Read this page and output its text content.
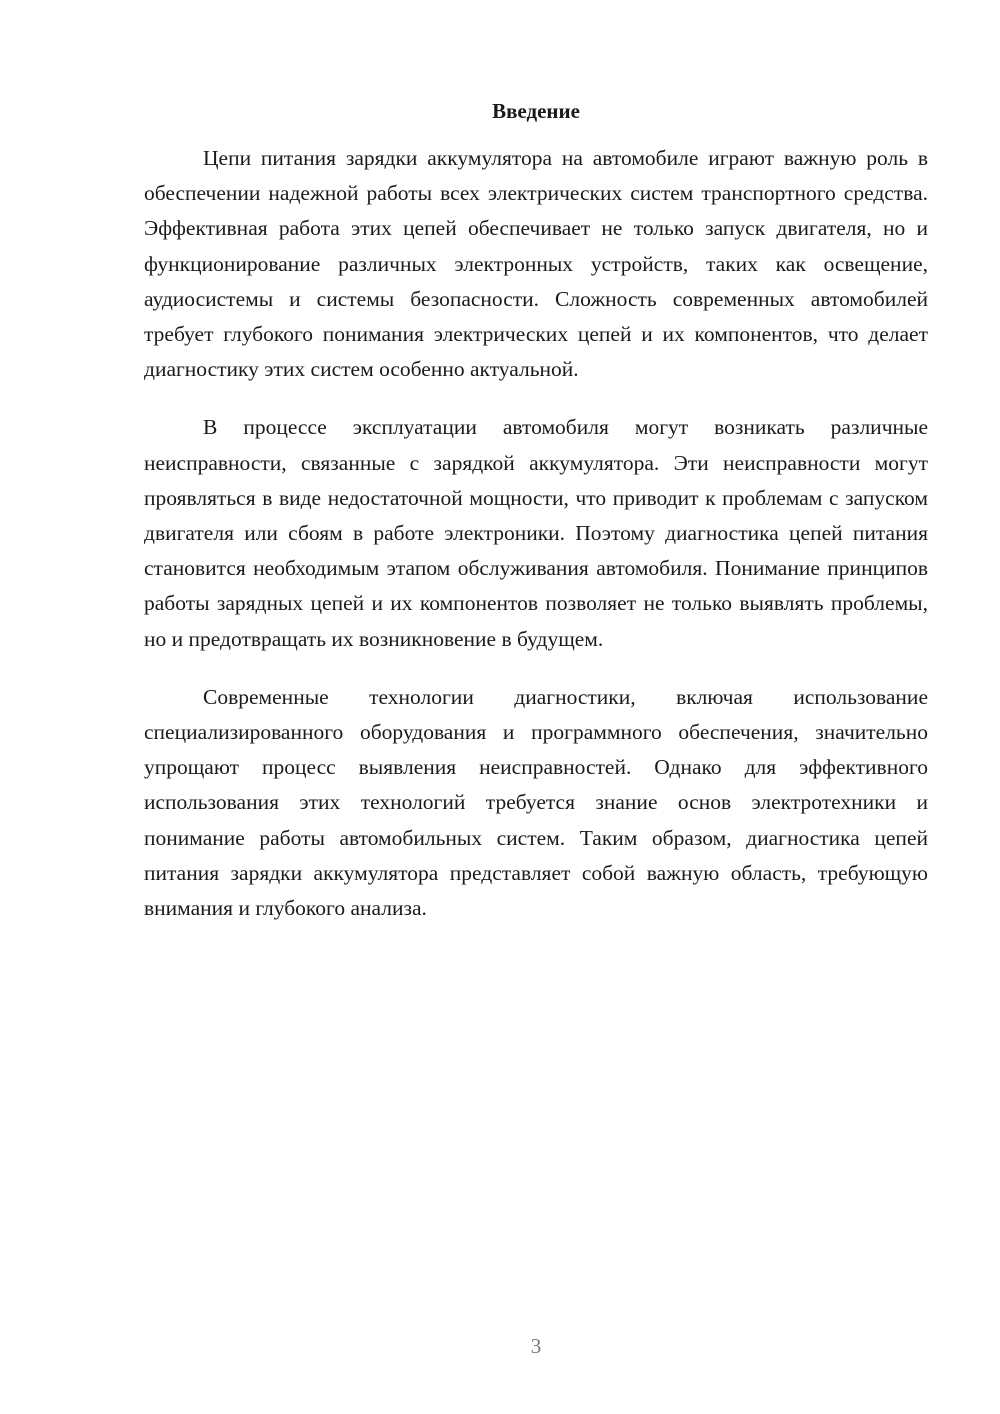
Введение

Цепи питания зарядки аккумулятора на автомобиле играют важную роль в обеспечении надежной работы всех электрических систем транспортного средства. Эффективная работа этих цепей обеспечивает не только запуск двигателя, но и функционирование различных электронных устройств, таких как освещение, аудиосистемы и системы безопасности. Сложность современных автомобилей требует глубокого понимания электрических цепей и их компонентов, что делает диагностику этих систем особенно актуальной.

В процессе эксплуатации автомобиля могут возникать различные неисправности, связанные с зарядкой аккумулятора. Эти неисправности могут проявляться в виде недостаточной мощности, что приводит к проблемам с запуском двигателя или сбоям в работе электроники. Поэтому диагностика цепей питания становится необходимым этапом обслуживания автомобиля. Понимание принципов работы зарядных цепей и их компонентов позволяет не только выявлять проблемы, но и предотвращать их возникновение в будущем.

Современные технологии диагностики, включая использование специализированного оборудования и программного обеспечения, значительно упрощают процесс выявления неисправностей. Однако для эффективного использования этих технологий требуется знание основ электротехники и понимание работы автомобильных систем. Таким образом, диагностика цепей питания зарядки аккумулятора представляет собой важную область, требующую внимания и глубокого анализа.

3
